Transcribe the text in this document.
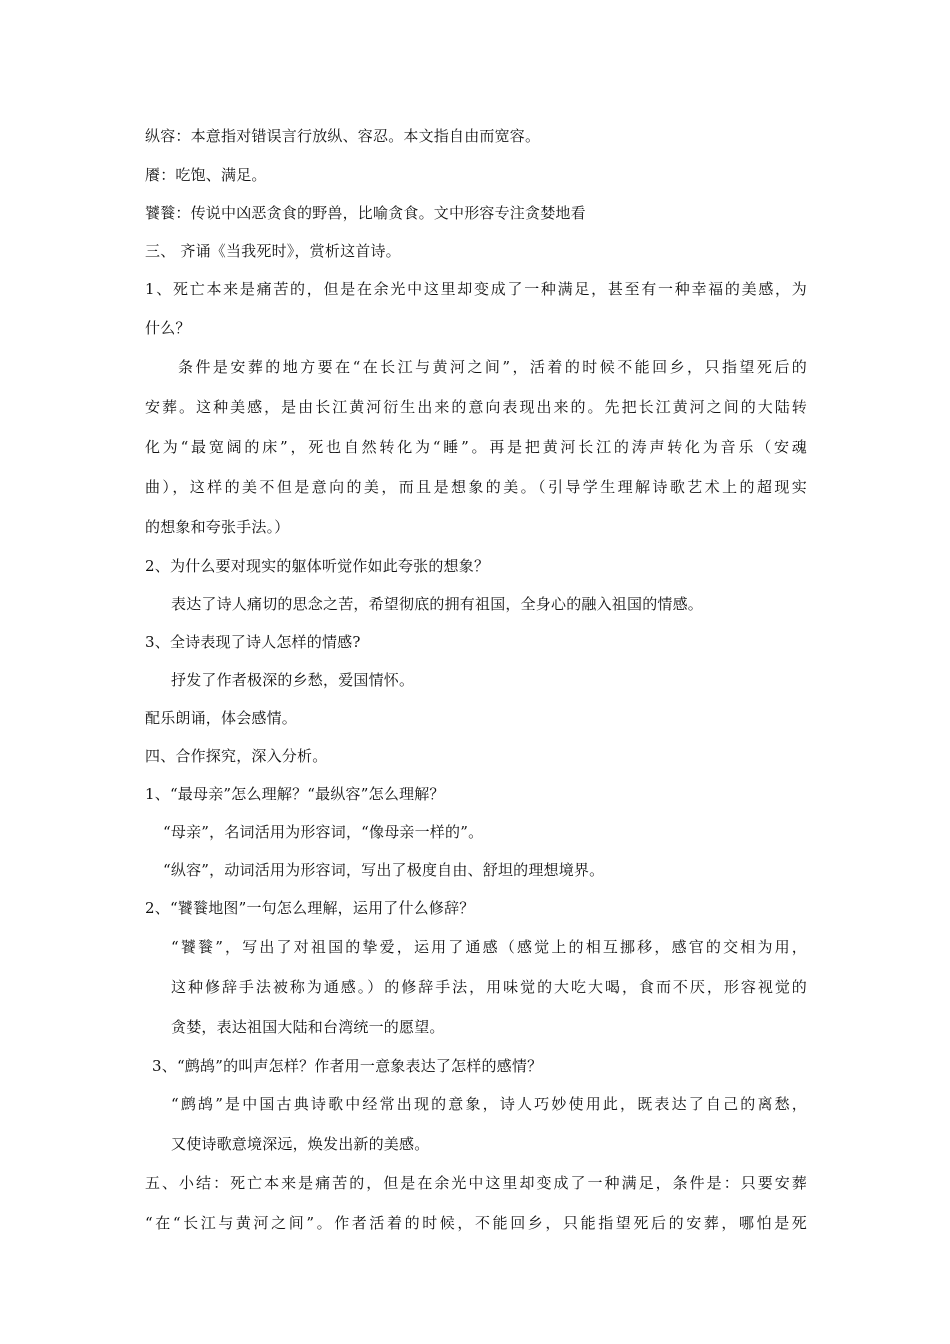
纵容：本意指对错误言行放纵、容忍。本文指自由而宽容。
餍：吃饱、满足。
饕餮：传说中凶恶贪食的野兽，比喻贪食。文中形容专注贪婪地看
三、 齐诵《当我死时》，赏析这首诗。
1、死亡本来是痛苦的，但是在余光中这里却变成了一种满足，甚至有一种幸福的美感，为
什么？
条件是安葬的地方要在“在长江与黄河之间”，活着的时候不能回乡，只指望死后的
安葬。这种美感，是由长江黄河衍生出来的意向表现出来的。先把长江黄河之间的大陆转
化为“最宽阔的床”，死也自然转化为“睡”。再是把黄河长江的涛声转化为音乐（安魂
曲），这样的美不但是意向的美，而且是想象的美。（引导学生理解诗歌艺术上的超现实
的想象和夸张手法。）
2、为什么要对现实的躯体听觉作如此夸张的想象？
表达了诗人痛切的思念之苦，希望彻底的拥有祖国，全身心的融入祖国的情感。
3、全诗表现了诗人怎样的情感?
抒发了作者极深的乡愁，爱国情怀。
配乐朗诵，体会感情。
四、合作探究，深入分析。
1、“最母亲”怎么理解？“最纵容”怎么理解？
“母亲”，名词活用为形容词，“像母亲一样的”。
“纵容”，动词活用为形容词，写出了极度自由、舒坦的理想境界。
2、“饕餮地图”一句怎么理解，运用了什么修辞？
“饕餮”，写出了对祖国的挚爱，运用了通感（感觉上的相互挪移，感官的交相为用，
这种修辞手法被称为通感。）的修辞手法，用味觉的大吃大喝，食而不厌，形容视觉的
贪婪，表达祖国大陆和台湾统一的愿望。
3、“鹧鸪”的叫声怎样？作者用一意象表达了怎样的感情？
“鹧鸪”是中国古典诗歌中经常出现的意象，诗人巧妙使用此，既表达了自己的离愁，
又使诗歌意境深远，焕发出新的美感。
五、小结：死亡本来是痛苦的，但是在余光中这里却变成了一种满足，条件是：只要安葬
“在“长江与黄河之间”。作者活着的时候，不能回乡，只能指望死后的安葬，哪怕是死
